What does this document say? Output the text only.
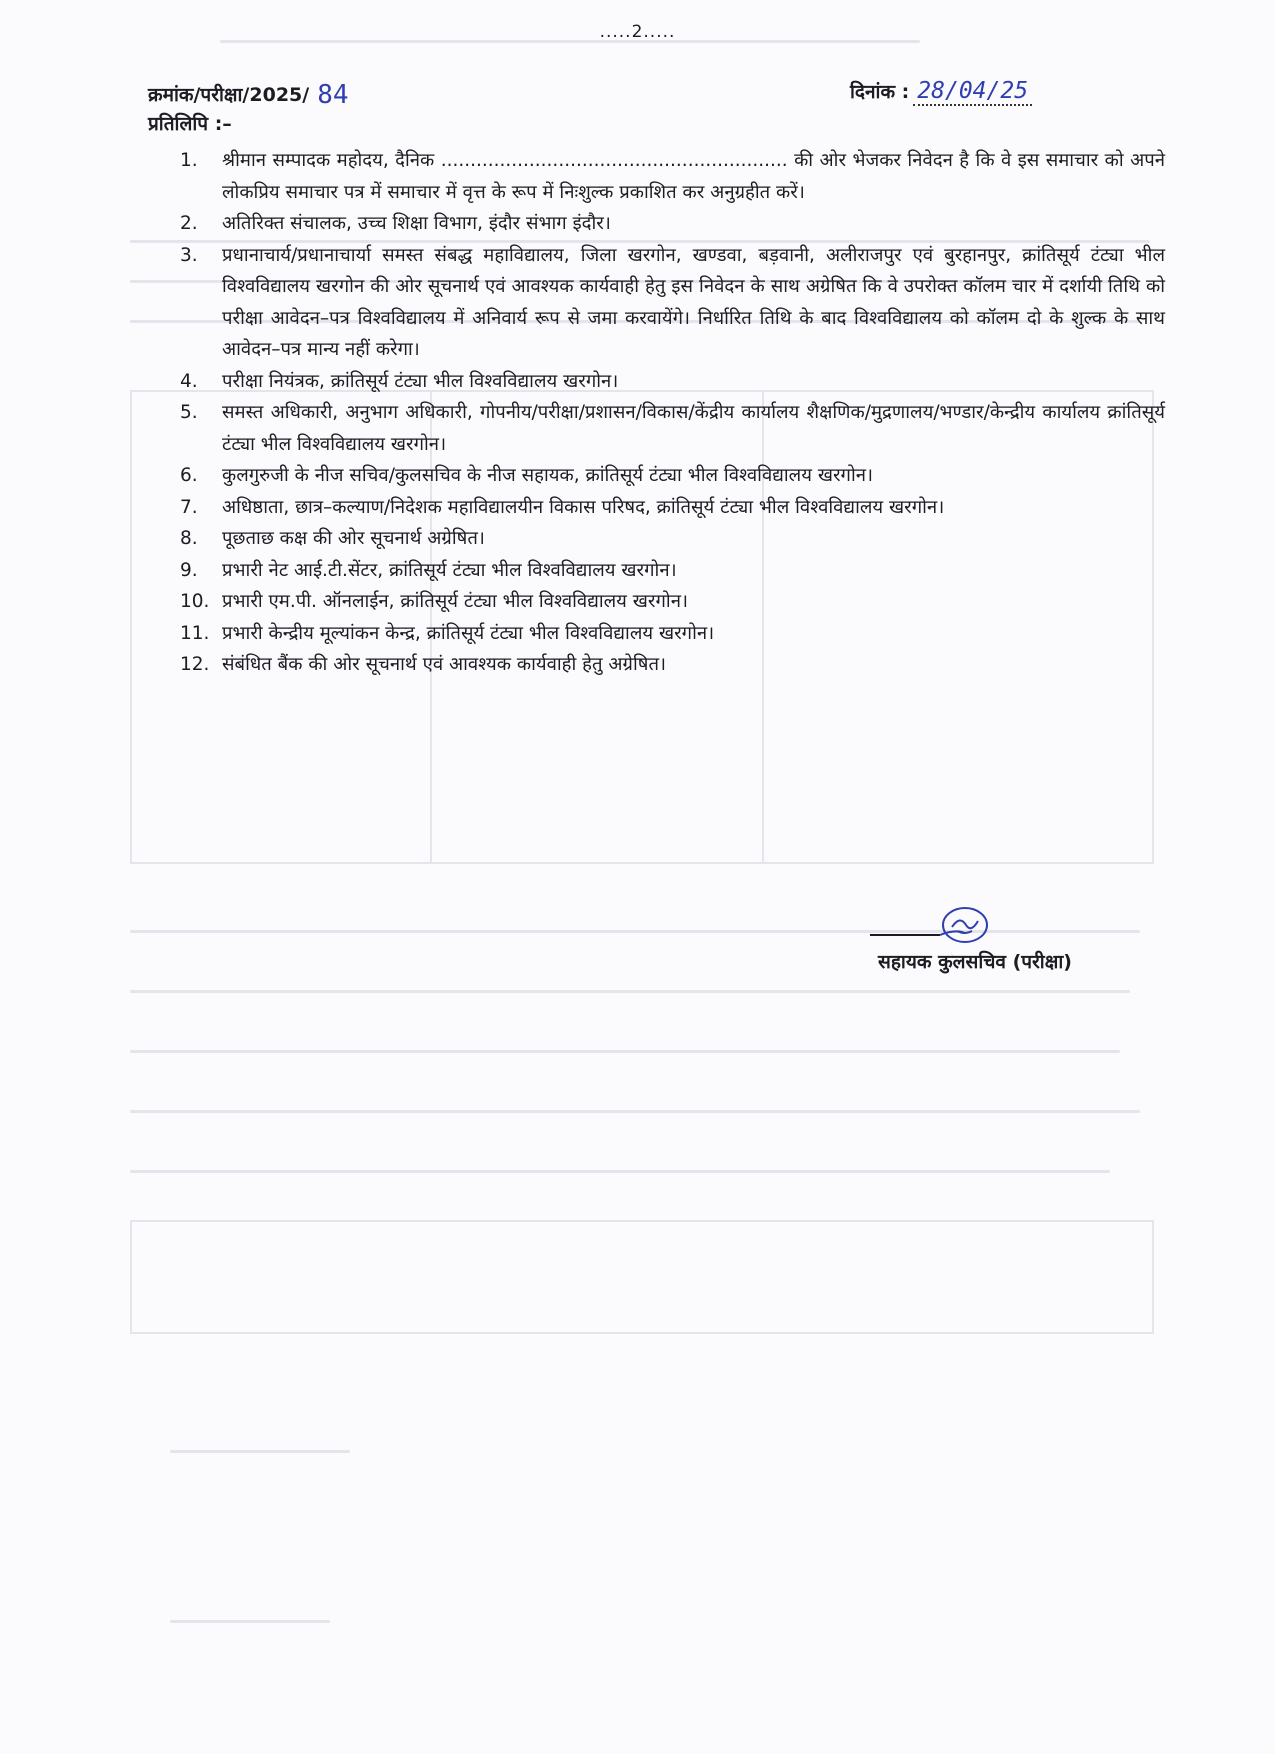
.....2.....
क्रमांक/परीक्षा/2025/ 84	दिनांक : 28/04/25
प्रतिलिपि :–
1.	श्रीमान सम्पादक महोदय, दैनिक ........................................................... की ओर भेजकर निवेदन है कि वे इस समाचार को अपने लोकप्रिय समाचार पत्र में समाचार में वृत्त के रूप में निःशुल्क प्रकाशित कर अनुग्रहीत करें।
2.	अतिरिक्त संचालक, उच्च शिक्षा विभाग, इंदौर संभाग इंदौर।
3.	प्रधानाचार्य/प्रधानाचार्या समस्त संबद्ध महाविद्यालय, जिला खरगोन, खण्डवा, बड़वानी, अलीराजपुर एवं बुरहानपुर, क्रांतिसूर्य टंट्या भील विश्वविद्यालय खरगोन की ओर सूचनार्थ एवं आवश्यक कार्यवाही हेतु इस निवेदन के साथ अग्रेषित कि वे उपरोक्त कॉलम चार में दर्शायी तिथि को परीक्षा आवेदन–पत्र विश्वविद्यालय में अनिवार्य रूप से जमा करवायेंगे। निर्धारित तिथि के बाद विश्वविद्यालय को कॉलम दो के शुल्क के साथ आवेदन–पत्र मान्य नहीं करेगा।
4.	परीक्षा नियंत्रक, क्रांतिसूर्य टंट्या भील विश्वविद्यालय खरगोन।
5.	समस्त अधिकारी, अनुभाग अधिकारी, गोपनीय/परीक्षा/प्रशासन/विकास/केंद्रीय कार्यालय शैक्षणिक/मुद्रणालय/भण्डार/केन्द्रीय कार्यालय क्रांतिसूर्य टंट्या भील विश्वविद्यालय खरगोन।
6.	कुलगुरुजी के नीज सचिव/कुलसचिव के नीज सहायक, क्रांतिसूर्य टंट्या भील विश्वविद्यालय खरगोन।
7.	अधिष्ठाता, छात्र–कल्याण/निदेशक महाविद्यालयीन विकास परिषद, क्रांतिसूर्य टंट्या भील विश्वविद्यालय खरगोन।
8.	पूछताछ कक्ष की ओर सूचनार्थ अग्रेषित।
9.	प्रभारी नेट आई.टी.सेंटर, क्रांतिसूर्य टंट्या भील विश्वविद्यालय खरगोन।
10. प्रभारी एम.पी. ऑनलाईन, क्रांतिसूर्य टंट्या भील विश्वविद्यालय खरगोन।
11. प्रभारी केन्द्रीय मूल्यांकन केन्द्र, क्रांतिसूर्य टंट्या भील विश्वविद्यालय खरगोन।
12. संबंधित बैंक की ओर सूचनार्थ एवं आवश्यक कार्यवाही हेतु अग्रेषित।
सहायक कुलसचिव (परीक्षा)
